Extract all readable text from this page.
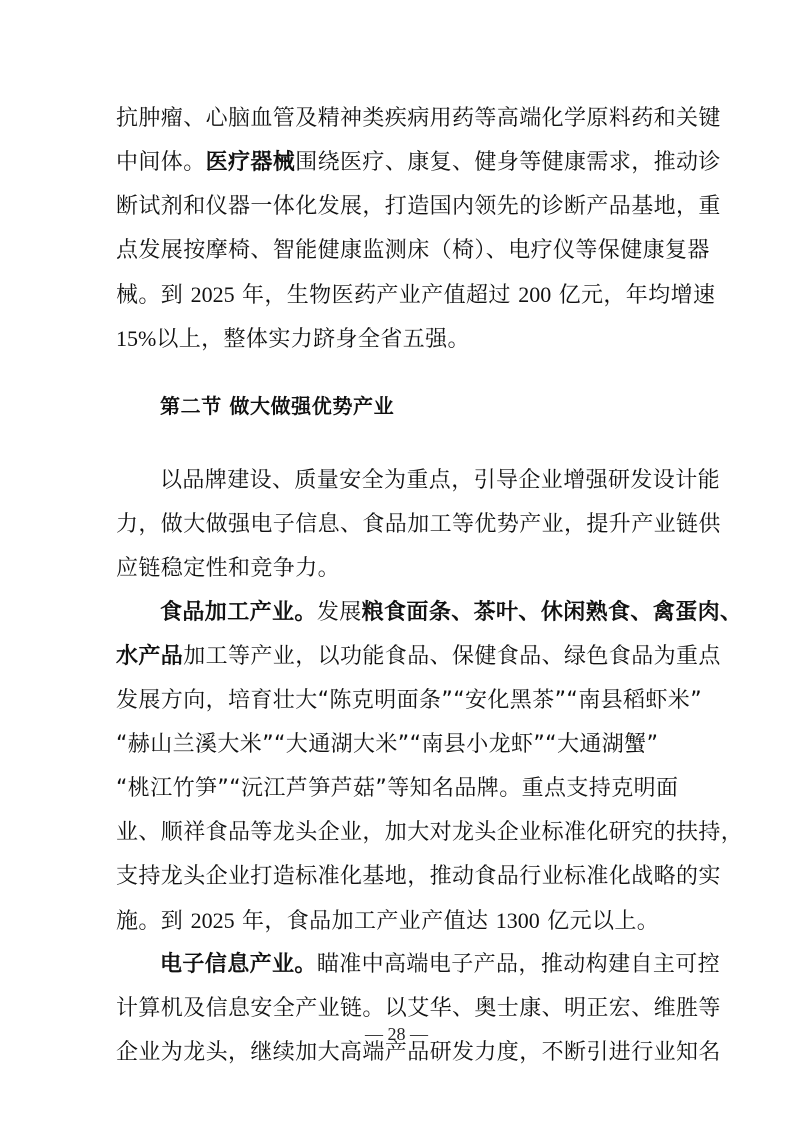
抗肿瘤、心脑血管及精神类疾病用药等高端化学原料药和关键
中间体。医疗器械围绕医疗、康复、健身等健康需求，推动诊
断试剂和仪器一体化发展，打造国内领先的诊断产品基地，重
点发展按摩椅、智能健康监测床（椅）、电疗仪等保健康复器
械。到 2025 年，生物医药产业产值超过 200 亿元，年均增速
15%以上，整体实力跻身全省五强。
第二节 做大做强优势产业
以品牌建设、质量安全为重点，引导企业增强研发设计能
力，做大做强电子信息、食品加工等优势产业，提升产业链供
应链稳定性和竞争力。
食品加工产业。发展粮食面条、茶叶、休闲熟食、禽蛋肉、
水产品加工等产业，以功能食品、保健食品、绿色食品为重点
发展方向，培育壮大“陈克明面条”“安化黑茶”“南县稻虾米”
“赫山兰溪大米”“大通湖大米”“南县小龙虾”“大通湖蟹”
“桃江竹笋”“沅江芦笋芦菇”等知名品牌。重点支持克明面
业、顺祥食品等龙头企业，加大对龙头企业标准化研究的扶持，
支持龙头企业打造标准化基地，推动食品行业标准化战略的实
施。到 2025 年，食品加工产业产值达 1300 亿元以上。
电子信息产业。瞄准中高端电子产品，推动构建自主可控
计算机及信息安全产业链。以艾华、奥士康、明正宏、维胜等
企业为龙头，继续加大高端产品研发力度，不断引进行业知名
— 28 —
